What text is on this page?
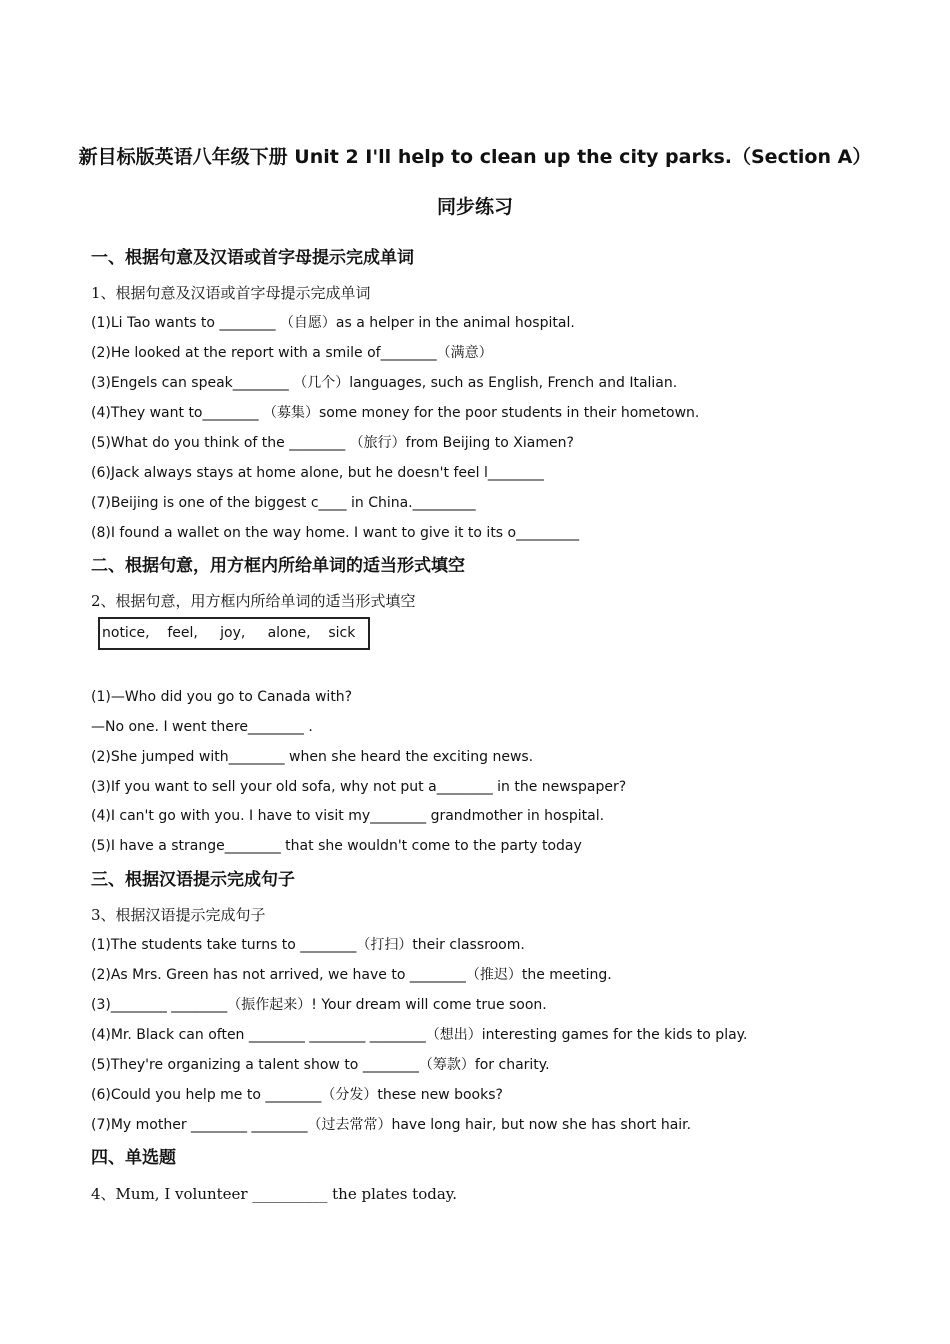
新目标版英语八年级下册 Unit 2 I'll help to clean up the city parks.（Section A）
同步练习
一、根据句意及汉语或首字母提示完成单词
1、根据句意及汉语或首字母提示完成单词
(1)Li Tao wants to ________ （自愿）as a helper in the animal hospital.
(2)He looked at the report with a smile of________（满意）
(3)Engels can speak________ （几个）languages, such as English, French and Italian.
(4)They want to________ （募集）some money for the poor students in their hometown.
(5)What do you think of the ________ （旅行）from Beijing to Xiamen?
(6)Jack always stays at home alone, but he doesn't feel l________
(7)Beijing is one of the biggest c____ in China._________
(8)I found a wallet on the way home. I want to give it to its o_________
二、根据句意，用方框内所给单词的适当形式填空
2、根据句意，用方框内所给单词的适当形式填空
notice,    feel,     joy,     alone,    sick
(1)—Who did you go to Canada with?
—No one. I went there________ .
(2)She jumped with________ when she heard the exciting news.
(3)If you want to sell your old sofa, why not put a________ in the newspaper?
(4)I can't go with you. I have to visit my________ grandmother in hospital.
(5)I have a strange________ that she wouldn't come to the party today
三、根据汉语提示完成句子
3、根据汉语提示完成句子
(1)The students take turns to ________（打扫）their classroom.
(2)As Mrs. Green has not arrived, we have to ________（推迟）the meeting.
(3)________ ________（振作起来）! Your dream will come true soon.
(4)Mr. Black can often ________ ________ ________（想出）interesting games for the kids to play.
(5)They're organizing a talent show to ________（筹款）for charity.
(6)Could you help me to ________（分发）these new books?
(7)My mother ________ ________（过去常常）have long hair, but now she has short hair.
四、单选题
4、Mum, I volunteer __________ the plates today.
